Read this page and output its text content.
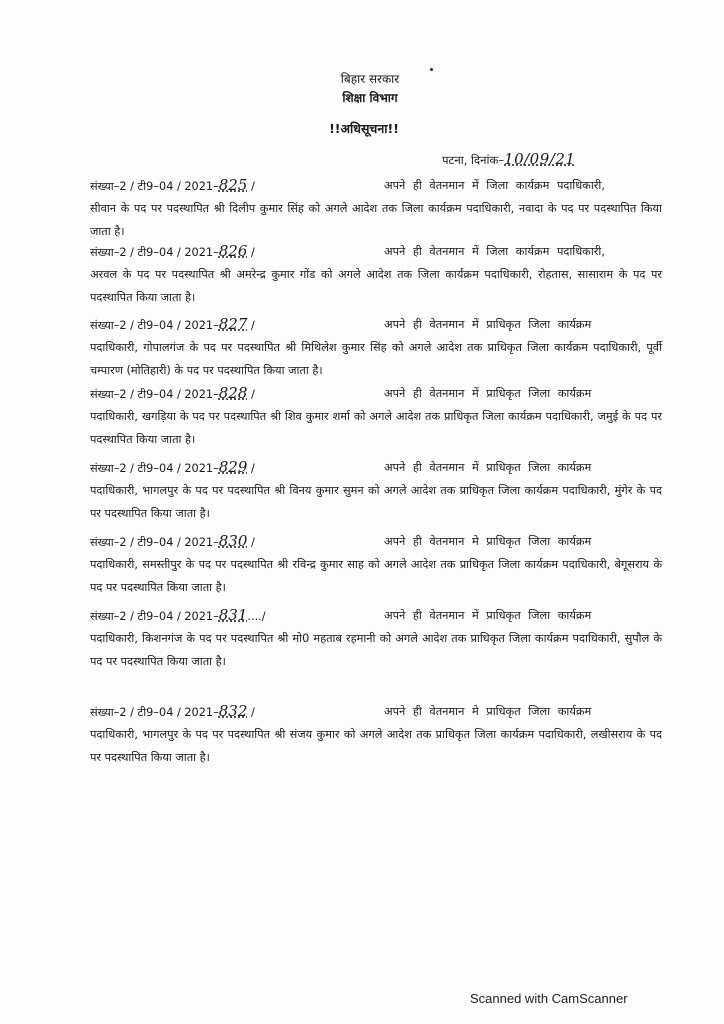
बिहार सरकार
शिक्षा विभाग
!!अधिसूचना!!
पटना, दिनांक–10/09/21
संख्या–2 / टी9–04 / 2021–825 /	अपने ही वेतनमान में जिला कार्यक्रम पदाधिकारी,
सीवान के पद पर पदस्थापित श्री दिलीप कुमार सिंह को अगले आदेश तक जिला कार्यक्रम पदाधिकारी, नवादा के पद पर पदस्थापित किया जाता है।
संख्या–2 / टी9–04 / 2021–826 /	अपने ही वेतनमान में जिला कार्यक्रम पदाधिकारी,
अरवल के पद पर पदस्थापित श्री अमरेन्द्र कुमार गोंड को अगले आदेश तक जिला कार्यक्रम पदाधिकारी, रोहतास, सासाराम के पद पर पदस्थापित किया जाता है।
संख्या–2 / टी9–04 / 2021–827 /	अपने ही वेतनमान में प्राधिकृत जिला कार्यक्रम
पदाधिकारी, गोपालगंज के पद पर पदस्थापित श्री मिथिलेश कुमार सिंह को अगले आदेश तक प्राधिकृत जिला कार्यक्रम पदाधिकारी, पूर्वी चम्पारण (मोतिहारी) के पद पर पदस्थापित किया जाता है।
संख्या–2 / टी9–04 / 2021–828 /	अपने ही वेतनमान में प्राधिकृत जिला कार्यक्रम
पदाधिकारी, खगड़िया के पद पर पदस्थापित श्री शिव कुमार शर्मा को अगले आदेश तक प्राधिकृत जिला कार्यक्रम पदाधिकारी, जमुई के पद पर पदस्थापित किया जाता है।
संख्या–2 / टी9–04 / 2021–829 /	अपने ही वेतनमान में प्राधिकृत जिला कार्यक्रम
पदाधिकारी, भागलपुर के पद पर पदस्थापित श्री विनय कुमार सुमन को अगले आदेश तक प्राधिकृत जिला कार्यक्रम पदाधिकारी, मुंगेर के पद पर पदस्थापित किया जाता है।
संख्या–2 / टी9–04 / 2021–830 /	अपने ही वेतनमान मे प्राधिकृत जिला कार्यक्रम
पदाधिकारी, समस्तीपुर के पद पर पदस्थापित श्री रविन्द्र कुमार साह को अगले आदेश तक प्राधिकृत जिला कार्यक्रम पदाधिकारी, बेगूसराय के पद पर पदस्थापित किया जाता है।
संख्या–2 / टी9–04 / 2021–831..../	अपने ही वेतनमान में प्राधिकृत जिला कार्यक्रम
पदाधिकारी, किशनगंज के पद पर पदस्थापित श्री मो0 महताब रहमानी को अगले आदेश तक प्राधिकृत जिला कार्यक्रम पदाधिकारी, सुपौल के पद पर पदस्थापित किया जाता है।
संख्या–2 / टी9–04 / 2021–832 /	अपने ही वेतनमान मे प्राधिकृत जिला कार्यक्रम
पदाधिकारी, भागलपुर के पद पर पदस्थापित श्री संजय कुमार को अगले आदेश तक प्राधिकृत जिला कार्यक्रम पदाधिकारी, लखीसराय के पद पर पदस्थापित किया जाता है।
Scanned with CamScanner
